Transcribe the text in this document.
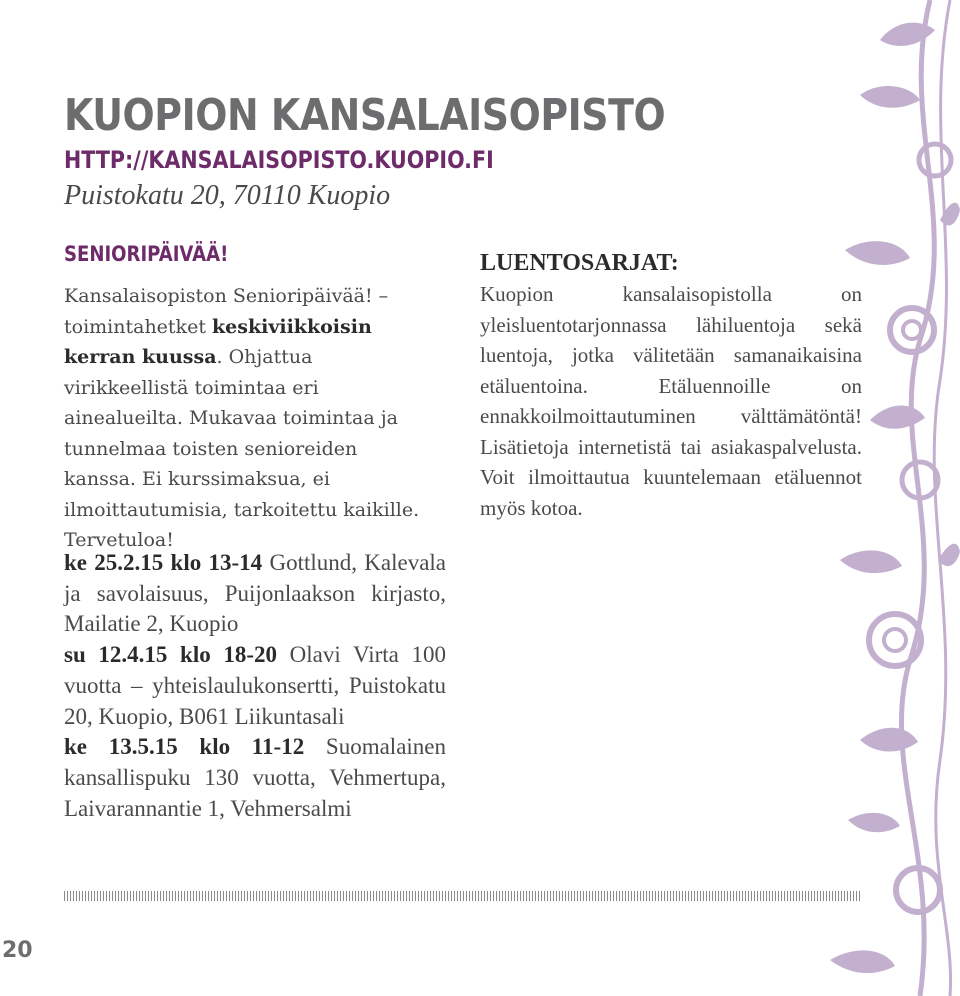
KUOPION KANSALAISOPISTO
HTTP://KANSALAISOPISTO.KUOPIO.FI
Puistokatu 20, 70110 Kuopio
SENIORIPÄIVÄÄ!

Kansalaisopiston Senioripäivää! – toimintahetket keskiviikkoisin kerran kuussa. Ohjattua virikkeellistä toimintaa eri ainealueilta. Mukavaa toimintaa ja tunnelmaa toisten senioreiden kanssa. Ei kurssimaksua, ei ilmoittautumisia, tarkoitettu kaikille. Tervetuloa!

LUENTOSARJAT:

Kuopion kansalaisopistolla on yleisluentotarjonnassa lähiluentoja sekä luentoja, jotka välitetään samanaikaisina etäluentoina. Etäluennoille on ennakkoilmoittautuminen välttämätöntä! Lisätietoja internetistä tai asiakaspalvelusta. Voit ilmoittautua kuuntelemaan etäluennot myös kotoa.

ke 25.2.15 klo 13-14 Gottlund, Kalevala ja savolaisuus, Puijonlaakson kirjasto, Mailatie 2, Kuopio
su 12.4.15 klo 18-20 Olavi Virta 100 vuotta – yhteislaulukonsertti, Puistokatu 20, Kuopio, B061 Liikuntasali
ke 13.5.15 klo 11-12 Suomalainen kansallispuku 130 vuotta, Vehmertupa, Laivarannantie 1, Vehmersalmi

20
